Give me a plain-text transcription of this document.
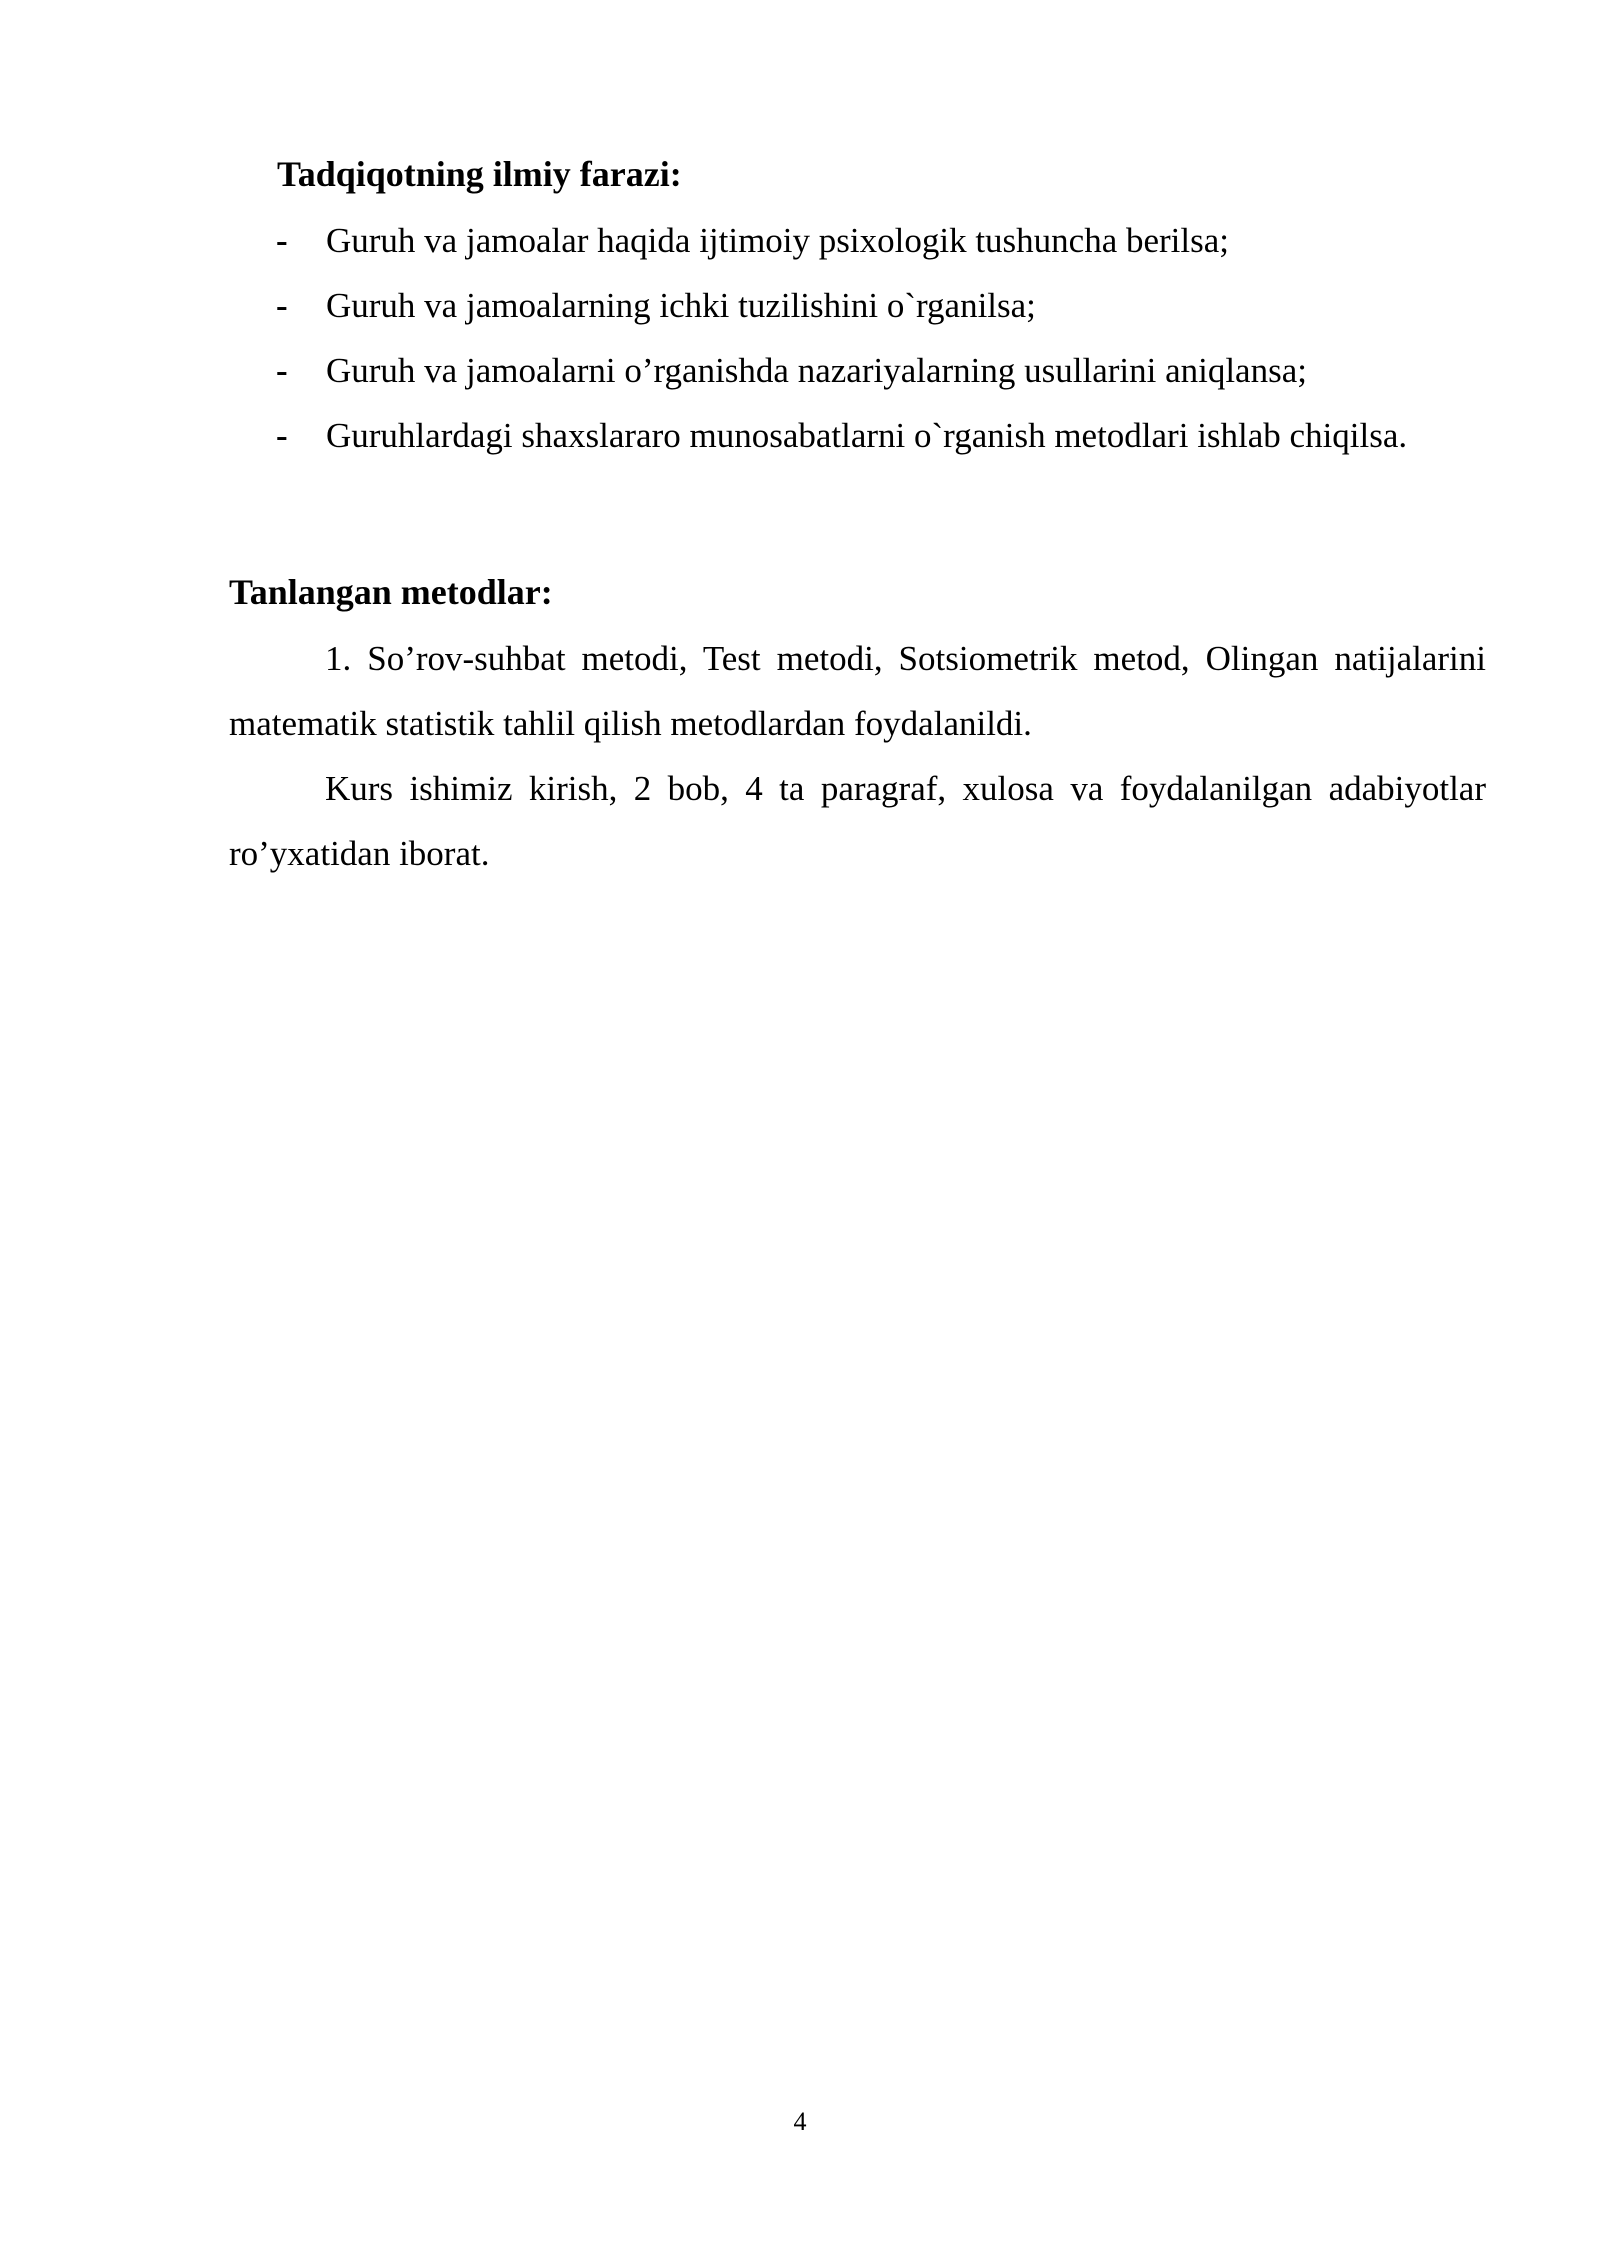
Tadqiqotning ilmiy farazi:
- Guruh va jamoalar haqida ijtimoiy psixologik tushuncha berilsa;
- Guruh va jamoalarning ichki tuzilishini o`rganilsa;
- Guruh va jamoalarni o’rganishda nazariyalarning usullarini aniqlansa;
- Guruhlardagi shaxslararo munosabatlarni o`rganish metodlari ishlab chiqilsa.
Tanlangan metodlar:

1. So’rov-suhbat metodi, Test metodi, Sotsiometrik metod, Olingan natijalarini matematik statistik tahlil qilish metodlardan foydalanildi.

Kurs ishimiz kirish, 2 bob, 4 ta paragraf, xulosa va foydalanilgan adabiyotlar ro’yxatidan iborat.

4
